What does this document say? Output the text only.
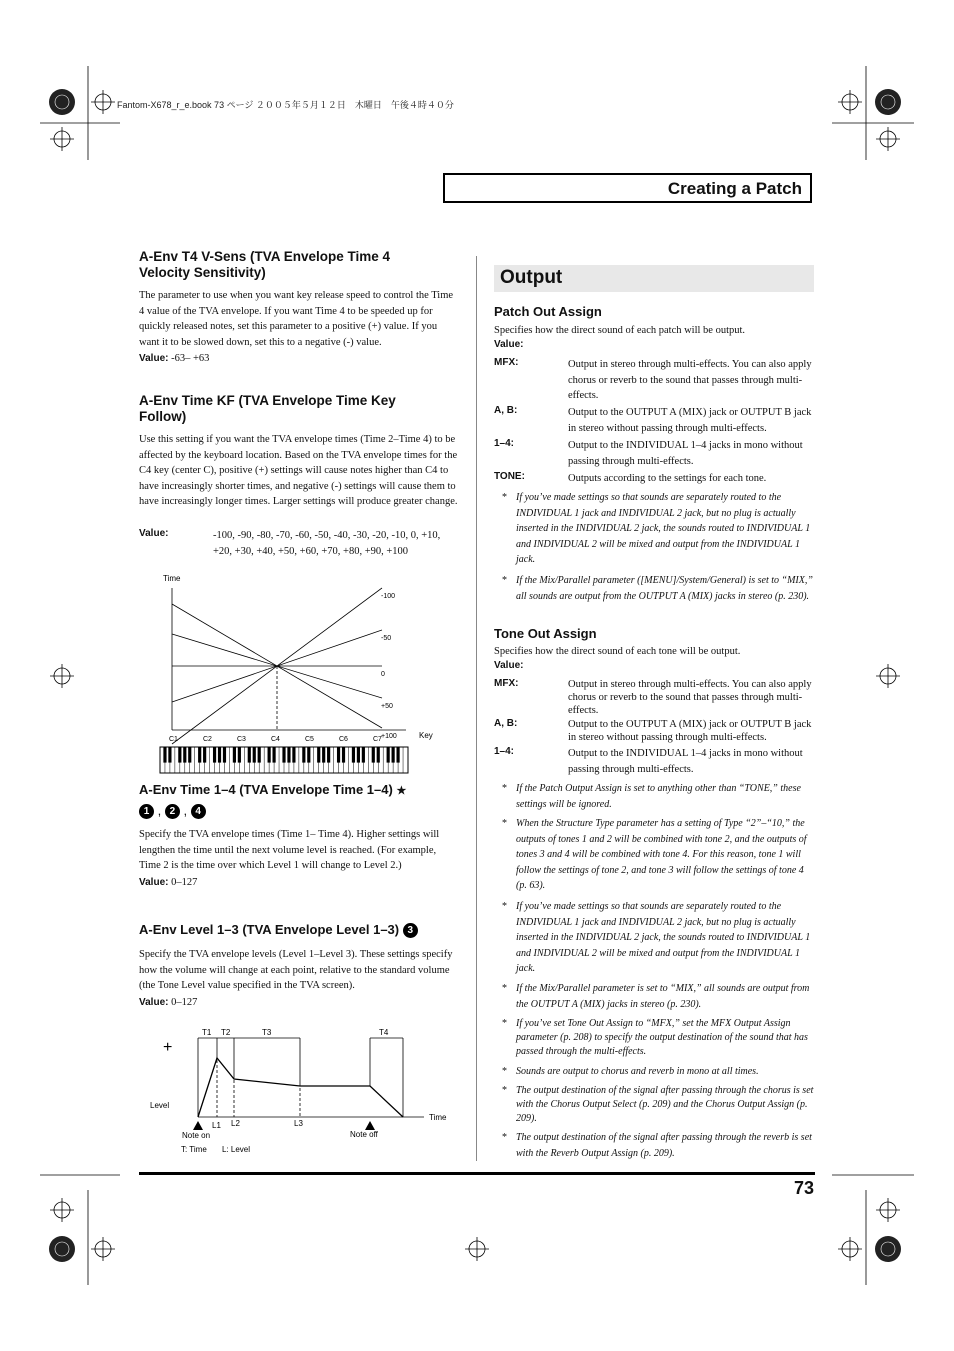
Fantom-X678_r_e.book 73 ページ ２００５年５月１２日　木曜日　午後４時４０分
Creating a Patch
A-Env T4 V-Sens (TVA Envelope Time 4
Velocity Sensitivity)
The parameter to use when you want key release speed to control the Time 4 value of the TVA envelope. If you want Time 4 to be speeded up for quickly released notes, set this parameter to a positive (+) value. If you want it to be slowed down, set this to a negative (-) value.
Value: -63– +63
A-Env Time KF (TVA Envelope Time Key
Follow)
Use this setting if you want the TVA envelope times (Time 2–Time 4) to be affected by the keyboard location. Based on the TVA envelope times for the C4 key (center C), positive (+) settings will cause notes higher than C4 to have increasingly shorter times, and negative (-) settings will cause them to have increasingly longer times. Larger settings will produce greater change.
Value:	-100, -90, -80, -70, -60, -50, -40, -30, -20, -10, 0, +10,
+20, +30, +40, +50, +60, +70, +80, +90, +100
Time
Key
-100
-50
0
+50
+100
C1	C2	C3	C4	C5	C6	C7
A-Env Time 1–4 (TVA Envelope Time 1–4) ★
1 , 2 , 4
Specify the TVA envelope times (Time 1– Time 4). Higher settings will lengthen the time until the next volume level is reached. (For example, Time 2 is the time over which Level 1 will change to Level 2.)
Value: 0–127
A-Env Level 1–3 (TVA Envelope Level 1–3) 3
Specify the TVA envelope levels (Level 1–Level 3). These settings specify how the volume will change at each point, relative to the standard volume (the Tone Level value specified in the TVA screen).
Value: 0–127
+
Level
Time
T1 T2	T3	T4
L1 L2	L3
Note on	Note off
T: Time L: Level
Output
Patch Out Assign
Specifies how the direct sound of each patch will be output.
Value:
MFX:	Output in stereo through multi-effects. You can also apply chorus or reverb to the sound that passes through multi-effects.
A, B:	Output to the OUTPUT A (MIX) jack or OUTPUT B jack in stereo without passing through multi-effects.
1–4:	Output to the INDIVIDUAL 1–4 jacks in mono without passing through multi-effects.
TONE:	Outputs according to the settings for each tone.
* If you’ve made settings so that sounds are separately routed to the INDIVIDUAL 1 jack and INDIVIDUAL 2 jack, but no plug is actually inserted in the INDIVIDUAL 2 jack, the sounds routed to INDIVIDUAL 1 and INDIVIDUAL 2 will be mixed and output from the INDIVIDUAL 1 jack.
* If the Mix/Parallel parameter ([MENU]/System/General) is set to “MIX,” all sounds are output from the OUTPUT A (MIX) jacks in stereo (p. 230).
Tone Out Assign
Specifies how the direct sound of each tone will be output.
Value:
MFX:	Output in stereo through multi-effects. You can also apply chorus or reverb to the sound that passes through multi-effects.
A, B:	Output to the OUTPUT A (MIX) jack or OUTPUT B jack in stereo without passing through multi-effects.
1–4:	Output to the INDIVIDUAL 1–4 jacks in mono without passing through multi-effects.
* If the Patch Output Assign is set to anything other than “TONE,” these settings will be ignored.
* When the Structure Type parameter has a setting of Type “2”–“10,” the outputs of tones 1 and 2 will be combined with tone 2, and the outputs of tones 3 and 4 will be combined with tone 4. For this reason, tone 1 will follow the settings of tone 2, and tone 3 will follow the settings of tone 4 (p. 63).
* If you’ve made settings so that sounds are separately routed to the INDIVIDUAL 1 jack and INDIVIDUAL 2 jack, but no plug is actually inserted in the INDIVIDUAL 2 jack, the sounds routed to INDIVIDUAL 1 and INDIVIDUAL 2 will be mixed and output from the INDIVIDUAL 1 jack.
* If the Mix/Parallel parameter is set to “MIX,” all sounds are output from the OUTPUT A (MIX) jacks in stereo (p. 230).
* If you’ve set Tone Out Assign to “MFX,” set the MFX Output Assign parameter (p. 208) to specify the output destination of the sound that has passed through the multi-effects.
* Sounds are output to chorus and reverb in mono at all times.
* The output destination of the signal after passing through the chorus is set with the Chorus Output Select (p. 209) and the Chorus Output Assign (p. 209).
* The output destination of the signal after passing through the reverb is set with the Reverb Output Assign (p. 209).
73
